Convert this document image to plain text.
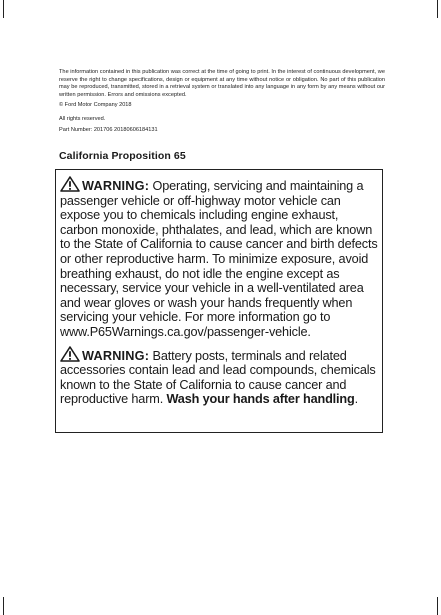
The information contained in this publication was correct at the time of going to print. In the interest of continuous development, we reserve the right to change specifications, design or equipment at any time without notice or obligation. No part of this publication may be reproduced, transmitted, stored in a retrieval system or translated into any language in any form by any means without our written permission. Errors and omissions excepted.

© Ford Motor Company 2018

All rights reserved.

Part Number: 201706 20180606184131

California Proposition 65

WARNING: Operating, servicing and maintaining a passenger vehicle or off-highway motor vehicle can expose you to chemicals including engine exhaust, carbon monoxide, phthalates, and lead, which are known to the State of California to cause cancer and birth defects or other reproductive harm. To minimize exposure, avoid breathing exhaust, do not idle the engine except as necessary, service your vehicle in a well-ventilated area and wear gloves or wash your hands frequently when servicing your vehicle. For more information go to www.P65Warnings.ca.gov/passenger-vehicle.

WARNING: Battery posts, terminals and related accessories contain lead and lead compounds, chemicals known to the State of California to cause cancer and reproductive harm. Wash your hands after handling.
